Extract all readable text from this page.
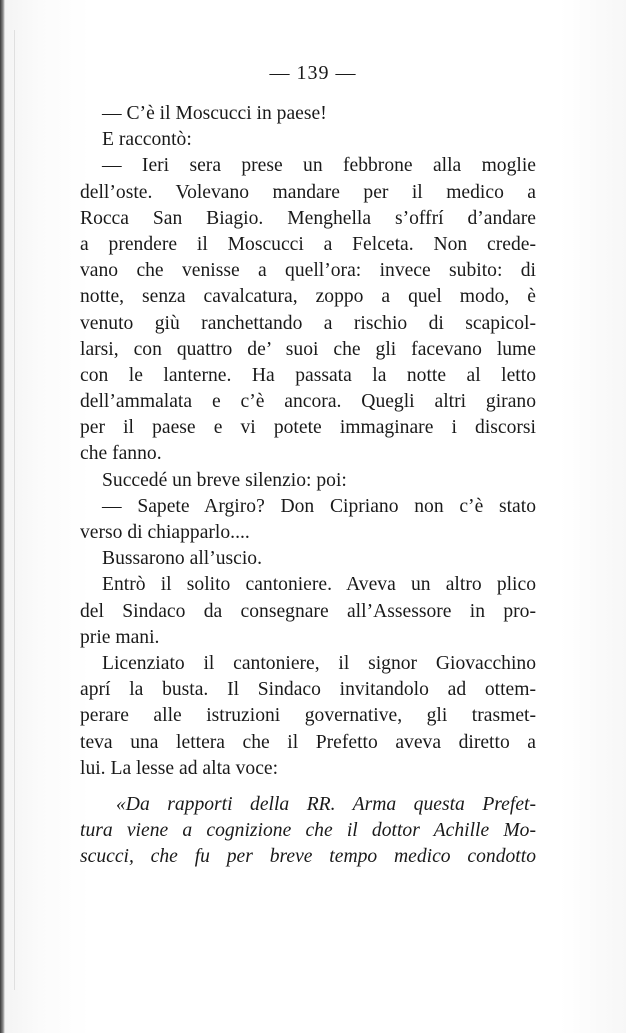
— 139 —
— C’è il Moscucci in paese!
E raccontò:
— Ieri sera prese un febbrone alla moglie
dell’oste. Volevano mandare per il medico a
Rocca San Biagio. Menghella s’offrí d’andare
a prendere il Moscucci a Felceta. Non crede-
vano che venisse a quell’ora: invece subito: di
notte, senza cavalcatura, zoppo a quel modo, è
venuto giù ranchettando a rischio di scapicol-
larsi, con quattro de’ suoi che gli facevano lume
con le lanterne. Ha passata la notte al letto
dell’ammalata e c’è ancora. Quegli altri girano
per il paese e vi potete immaginare i discorsi
che fanno.
Succedé un breve silenzio: poi:
— Sapete Argiro? Don Cipriano non c’è stato
verso di chiapparlo....
Bussarono all’uscio.
Entrò il solito cantoniere. Aveva un altro plico
del Sindaco da consegnare all’Assessore in pro-
prie mani.
Licenziato il cantoniere, il signor Giovacchino
aprí la busta. Il Sindaco invitandolo ad ottem-
perare alle istruzioni governative, gli trasmet-
teva una lettera che il Prefetto aveva diretto a
lui. La lesse ad alta voce:
«Da rapporti della RR. Arma questa Prefet-
tura viene a cognizione che il dottor Achille Mo-
scucci, che fu per breve tempo medico condotto
